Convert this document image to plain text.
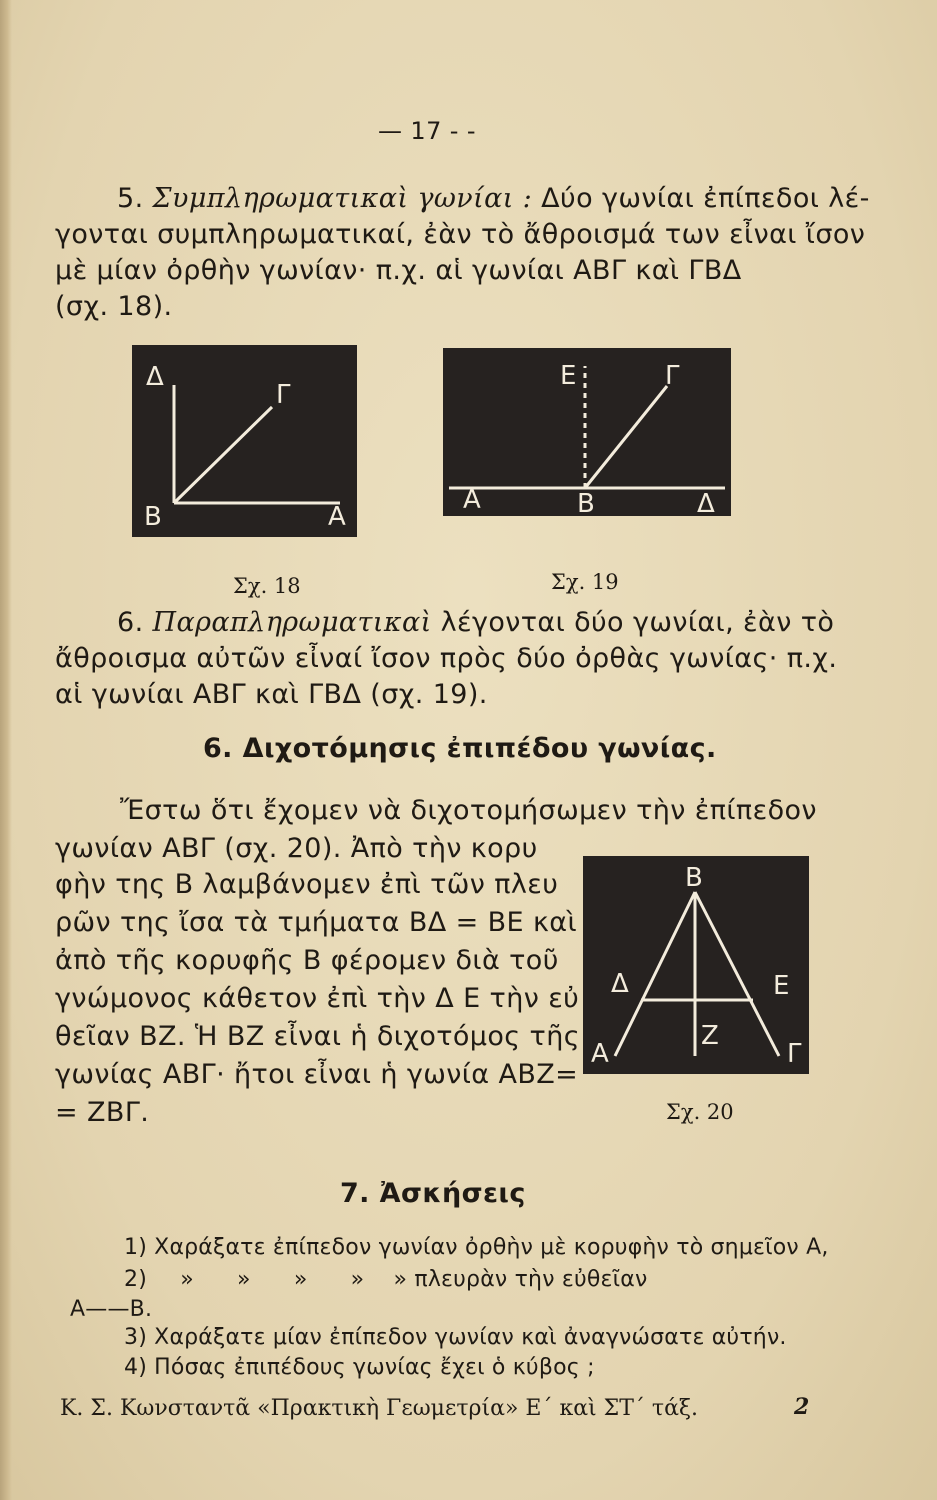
— 17 - -
5. Συμπληρωματικαὶ γωνίαι : Δύο γωνίαι ἐπίπεδοι λέ-
γονται συμπληρωματικαί, ἐὰν τὸ ἄθροισμά των εἶναι ἴσον
μὲ μίαν ὀρθὴν γωνίαν· π.χ. αἱ γωνίαι ΑΒΓ καὶ ΓΒΔ
(σχ. 18).
Δ
Γ
Β	Α
Σχ. 18
Ε	Γ
Α	Β	Δ
Σχ. 19
6. Παραπληρωματικαὶ λέγονται δύο γωνίαι, ἐὰν τὸ
ἄθροισμα αὐτῶν εἶναί ἴσον πρὸς δύο ὀρθὰς γωνίας· π.χ.
αἱ γωνίαι ΑΒΓ καὶ ΓΒΔ (σχ. 19).
6. Διχοτόμησις ἐπιπέδου γωνίας.
Ἔστω ὅτι ἔχομεν νὰ διχοτομήσωμεν τὴν ἐπίπεδον
γωνίαν ΑΒΓ (σχ. 20). Ἀπὸ τὴν κορυ
φὴν της Β λαμβάνομεν ἐπὶ τῶν πλευ
ρῶν της ἴσα τὰ τμήματα ΒΔ = ΒΕ καὶ
ἀπὸ τῆς κορυφῆς Β φέρομεν διὰ τοῦ
γνώμονος κάθετον ἐπὶ τὴν Δ Ε τὴν εὐ
θεῖαν ΒΖ. Ἡ ΒΖ εἶναι ἡ διχοτόμος τῆς
γωνίας ΑΒΓ· ἤτοι εἶναι ἡ γωνία ΑΒΖ=
= ΖΒΓ.
Β
Δ	Ε
Α
Ζ
Γ
Σχ. 20
7. Ἀσκήσεις
1) Χαράξατε ἐπίπεδον γωνίαν ὀρθὴν μὲ κορυφὴν τὸ σημεῖον Α,
2) »      »      »      » » πλευρὰν τὴν εὐθεῖαν
Α——Β.
3) Χαράξατε μίαν ἐπίπεδον γωνίαν καὶ ἀναγνώσατε αὐτήν.
4) Πόσας ἐπιπέδους γωνίας ἔχει ὁ κύβος ;
Κ. Σ. Κωνσταντᾶ «Πρακτικὴ Γεωμετρία» Ε΄ καὶ ΣΤ΄ τάξ.	2
